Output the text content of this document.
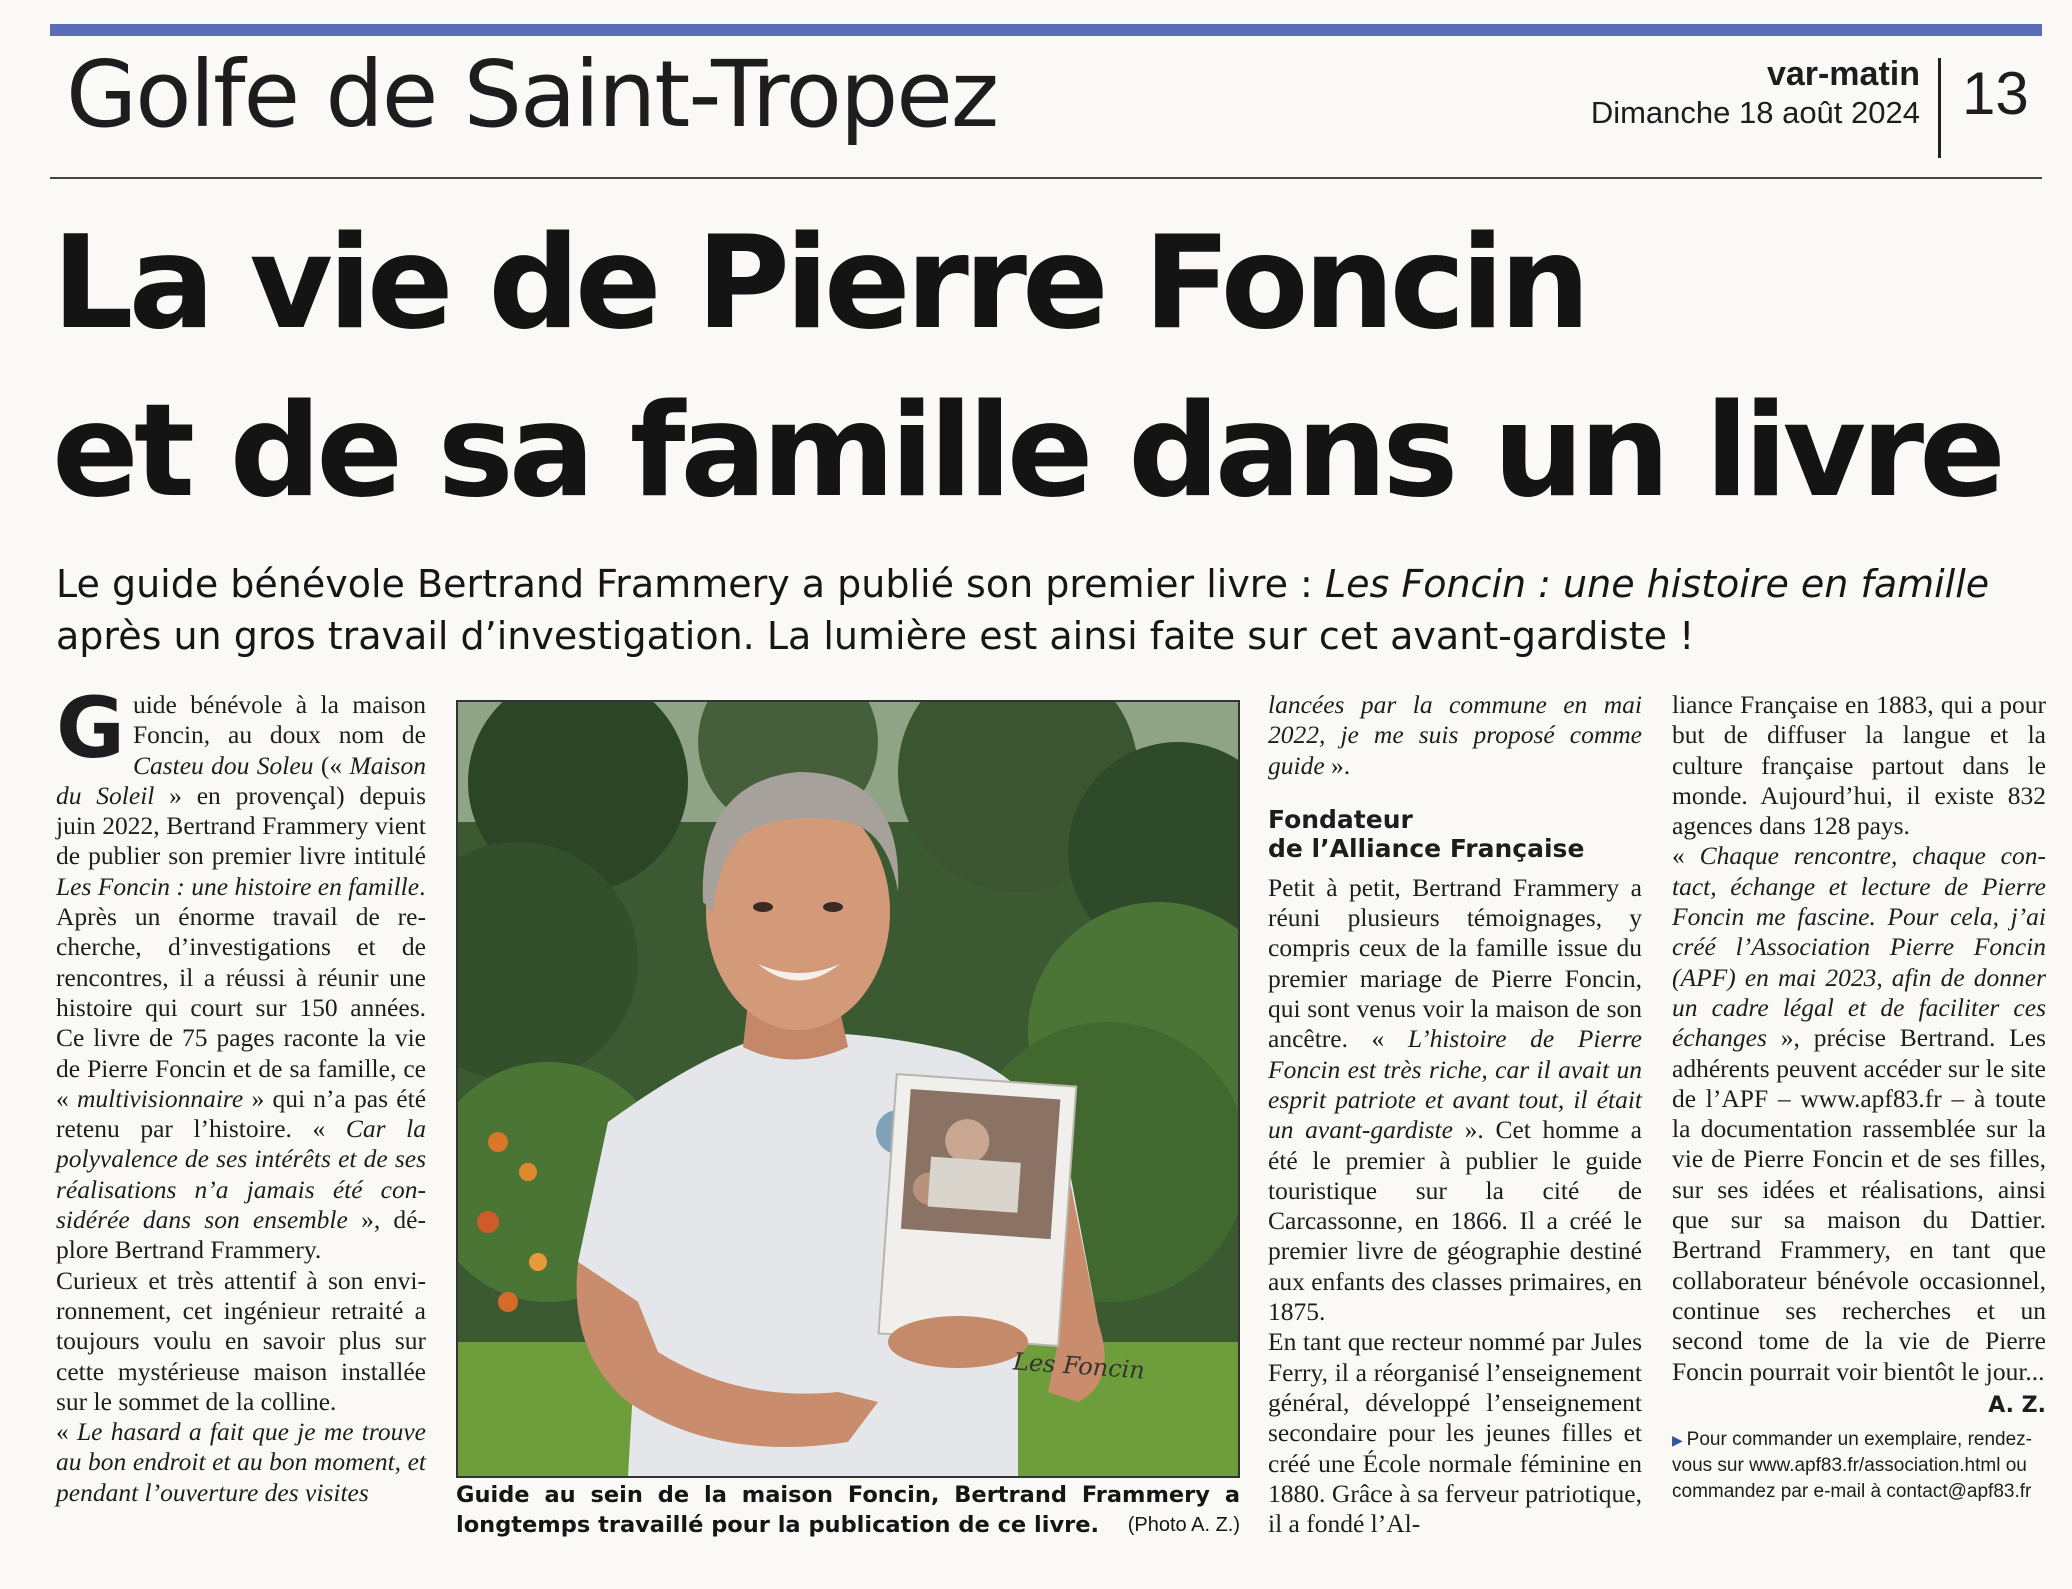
Golfe de Saint-Tropez	var-matin
Dimanche 18 août 2024 13
La vie de Pierre Foncin
et de sa famille dans un livre
Le guide bénévole Bertrand Frammery a publié son premier livre : Les Foncin : une histoire en famille après un gros travail d’investigation. La lumière est ainsi faite sur cet avant-gardiste !

Guide bénévole à la maison Foncin, au doux nom de Casteu dou Soleu (« Maison du Soleil » en provençal) depuis juin 2022, Bertrand Frammery vient de publier son premier livre intitulé Les Foncin : une histoire en famille.

Après un énorme travail de recherche, d’investigations et de rencontres, il a réussi à réunir une histoire qui court sur 150 années. Ce livre de 75 pages raconte la vie de Pierre Foncin et de sa famille, ce « multivisionnaire » qui n’a pas été retenu par l’histoire. « Car la polyvalence de ses intérêts et de ses réalisations n’a jamais été considérée dans son ensemble », déplore Bertrand Frammery.

Curieux et très attentif à son environnement, cet ingénieur retraité a toujours voulu en savoir plus sur cette mystérieuse maison installée sur le sommet de la colline.

« Le hasard a fait que je me trouve au bon endroit et au bon moment, et pendant l’ouverture des visites

Les Foncin
Guide au sein de la maison Foncin, Bertrand Frammery a longtemps travaillé pour la publication de ce livre. (Photo A. Z.)

lancées par la commune en mai 2022, je me suis proposé comme guide ».

Fondateur
de l’Alliance Française

Petit à petit, Bertrand Frammery a réuni plusieurs témoignages, y compris ceux de la famille issue du premier mariage de Pierre Foncin, qui sont venus voir la maison de son ancêtre. « L’histoire de Pierre Foncin est très riche, car il avait un esprit patriote et avant tout, il était un avant-gardiste ». Cet homme a été le premier à publier le guide touristique sur la cité de Carcassonne, en 1866. Il a créé le premier livre de géographie destiné aux enfants des classes primaires, en 1875.

En tant que recteur nommé par Jules Ferry, il a réorganisé l’enseignement général, développé l’enseignement secondaire pour les jeunes filles et créé une École normale féminine en 1880. Grâce à sa ferveur patriotique, il a fondé l’Al-

liance Française en 1883, qui a pour but de diffuser la langue et la culture française partout dans le monde. Aujourd’hui, il existe 832 agences dans 128 pays.

« Chaque rencontre, chaque contact, échange et lecture de Pierre Foncin me fascine. Pour cela, j’ai créé l’Association Pierre Foncin (APF) en mai 2023, afin de donner un cadre légal et de faciliter ces échanges », précise Bertrand. Les adhérents peuvent accéder sur le site de l’APF – www.apf83.fr – à toute la documentation rassemblée sur la vie de Pierre Foncin et de ses filles, sur ses idées et réalisations, ainsi que sur sa maison du Dattier. Bertrand Frammery, en tant que collaborateur bénévole occasionnel, continue ses recherches et un second tome de la vie de Pierre Foncin pourrait voir bientôt le jour...

A. Z.

▶ Pour commander un exemplaire, rendez-vous sur www.apf83.fr/association.html ou commandez par e-mail à contact@apf83.fr
